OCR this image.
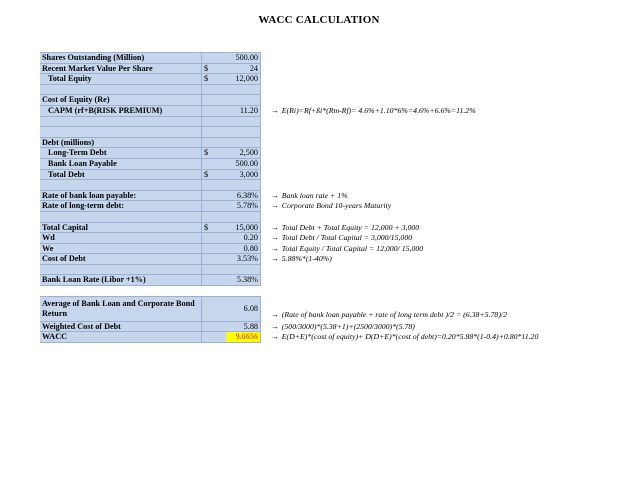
WACC CALCULATION
Shares Outstanding (Million)		500.00	
Recent Market Value Per Share	$	24	
Total Equity	$	12,000	

Cost of Equity (Re)			
CAPM (rf+B(RISK PREMIUM)		11.20	→ E(Ri)=Rf+ßi*(Rm-Rf)= 4.6%+1.10*6%=4.6%+6.6%=11.2%

Debt (millions)			
Long-Term Debt	$	2,500	
Bank Loan Payable		500.00	
Total Debt	$	3,000	

Rate of bank loan payable:		6.38%	→ Bank loan rate + 1%
Rate of long-term debt:		5.78%	→ Corporate Bond 10-years Maturity

Total Capital	$	15,000	→ Total Debt + Total Equity = 12,000 + 3,000
Wd		0.20	→ Total Debt / Total Capital = 3,000/15,000
We		0.80	→ Total Equity / Total Capital = 12,000/ 15,000
Cost of Debt		3.53%	→ 5.88%*(1-40%)

Bank Loan Rate (Libor +1%)		5.38%	

Average of Bank Loan and Corporate Bond Return		6.08	→ (Rate of bank loan payable + rate of long term debt )/2 = (6.38+5.78)/2
Weighted Cost of Debt		5.88	→ (500/3000)*(5.38+1)+(2500/3000)*(5.78)
WACC		9.6656	→ E(D+E)*(cost of equity)+ D(D+E)*(cost of debt)=0.20*5.88*(1-0.4)+0.80*11.20
